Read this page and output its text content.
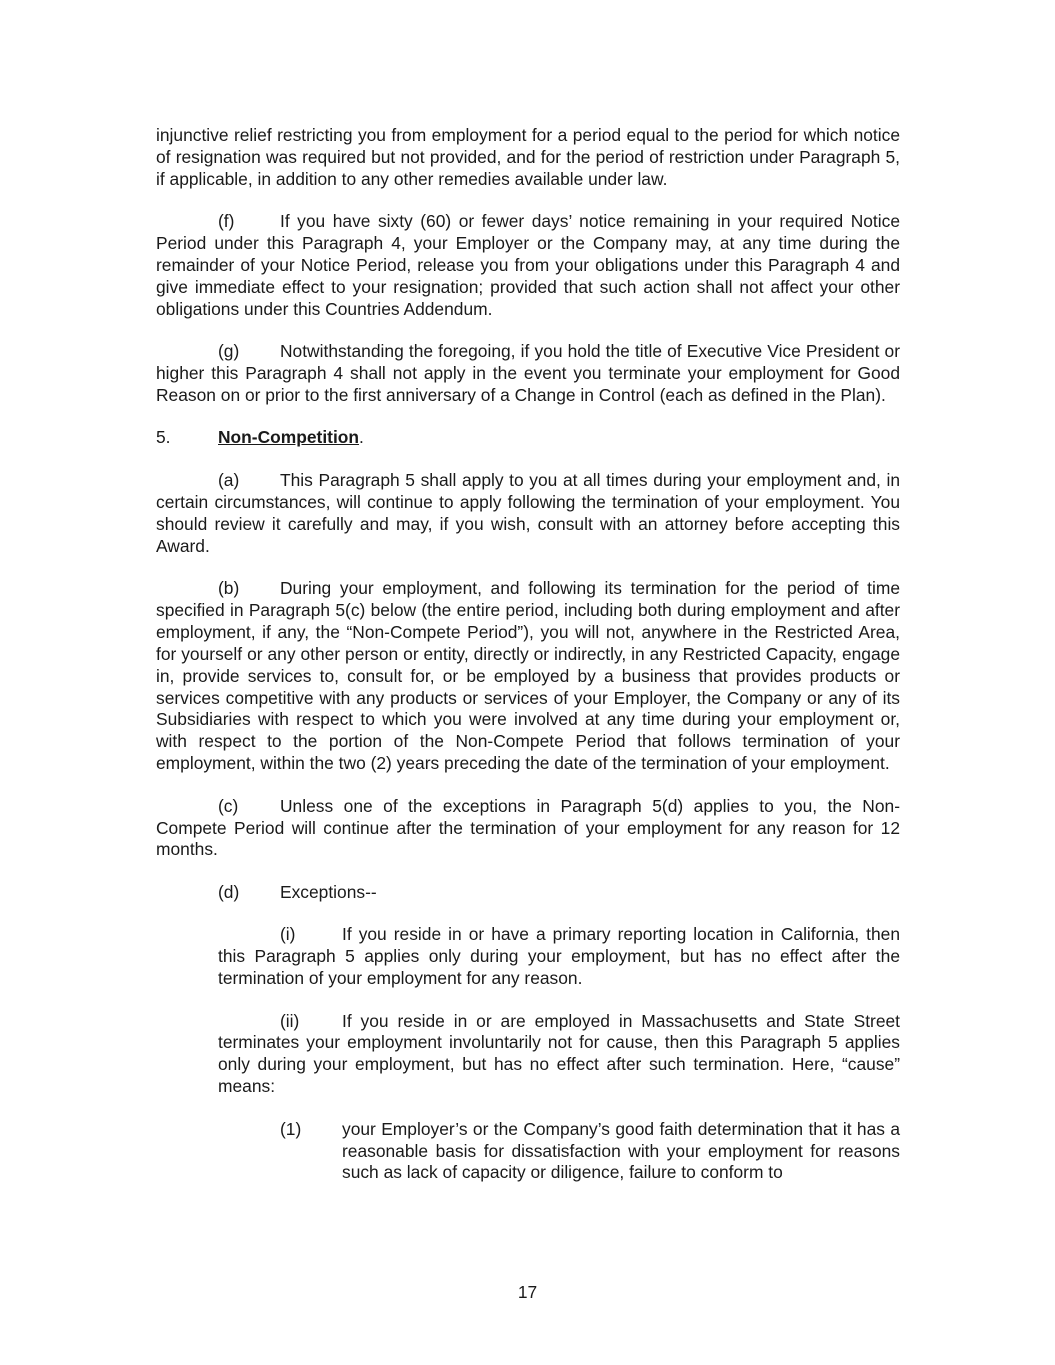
injunctive relief restricting you from employment for a period equal to the period for which notice of resignation was required but not provided, and for the period of restriction under Paragraph 5, if applicable, in addition to any other remedies available under law.

(f)	If you have sixty (60) or fewer days’ notice remaining in your required Notice Period under this Paragraph 4, your Employer or the Company may, at any time during the remainder of your Notice Period, release you from your obligations under this Paragraph 4 and give immediate effect to your resignation; provided that such action shall not affect your other obligations under this Countries Addendum.

(g) Notwithstanding the foregoing, if you hold the title of Executive Vice President or higher this Paragraph 4 shall not apply in the event you terminate your employment for Good Reason on or prior to the first anniversary of a Change in Control (each as defined in the Plan).

5.	Non-Competition.

(a) This Paragraph 5 shall apply to you at all times during your employment and, in certain circumstances, will continue to apply following the termination of your employment. You should review it carefully and may, if you wish, consult with an attorney before accepting this Award.

(b) During your employment, and following its termination for the period of time specified in Paragraph 5(c) below (the entire period, including both during employment and after employment, if any, the “Non-Compete Period”), you will not, anywhere in the Restricted Area, for yourself or any other person or entity, directly or indirectly, in any Restricted Capacity, engage in, provide services to, consult for, or be employed by a business that provides products or services competitive with any products or services of your Employer, the Company or any of its Subsidiaries with respect to which you were involved at any time during your employment or, with respect to the portion of the Non-Compete Period that follows termination of your employment, within the two (2) years preceding the date of the termination of your employment.

(c) Unless one of the exceptions in Paragraph 5(d) applies to you, the Non-Compete Period will continue after the termination of your employment for any reason for 12 months.

(d) Exceptions--

(i)	If you reside in or have a primary reporting location in California, then this Paragraph 5 applies only during your employment, but has no effect after the termination of your employment for any reason.

(ii) If you reside in or are employed in Massachusetts and State Street terminates your employment involuntarily not for cause, then this Paragraph 5 applies only during your employment, but has no effect after such termination. Here, “cause” means:

(1) your Employer’s or the Company’s good faith determination that it has a reasonable basis for dissatisfaction with your employment for reasons such as lack of capacity or diligence, failure to conform to

17
